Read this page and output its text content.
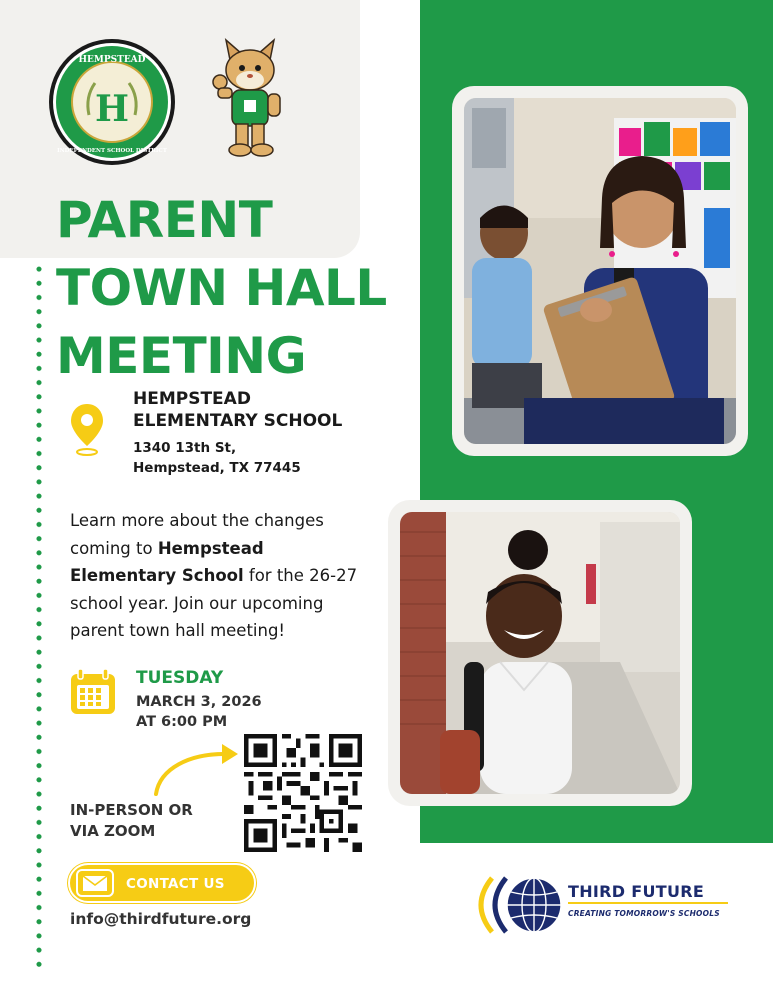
HEMPSTEAD
INDEPENDENT SCHOOL DISTRICT
H
PARENT
TOWN HALL
MEETING
HEMPSTEAD
ELEMENTARY SCHOOL
1340 13th St,
Hempstead, TX 77445

Learn more about the changes coming to Hempstead Elementary School for the 26-27 school year. Join our upcoming parent town hall meeting!

TUESDAY
MARCH 3, 2026
AT 6:00 PM
IN-PERSON OR
VIA ZOOM
CONTACT US
info@thirdfuture.org
THIRD FUTURE
CREATING TOMORROW'S SCHOOLS
